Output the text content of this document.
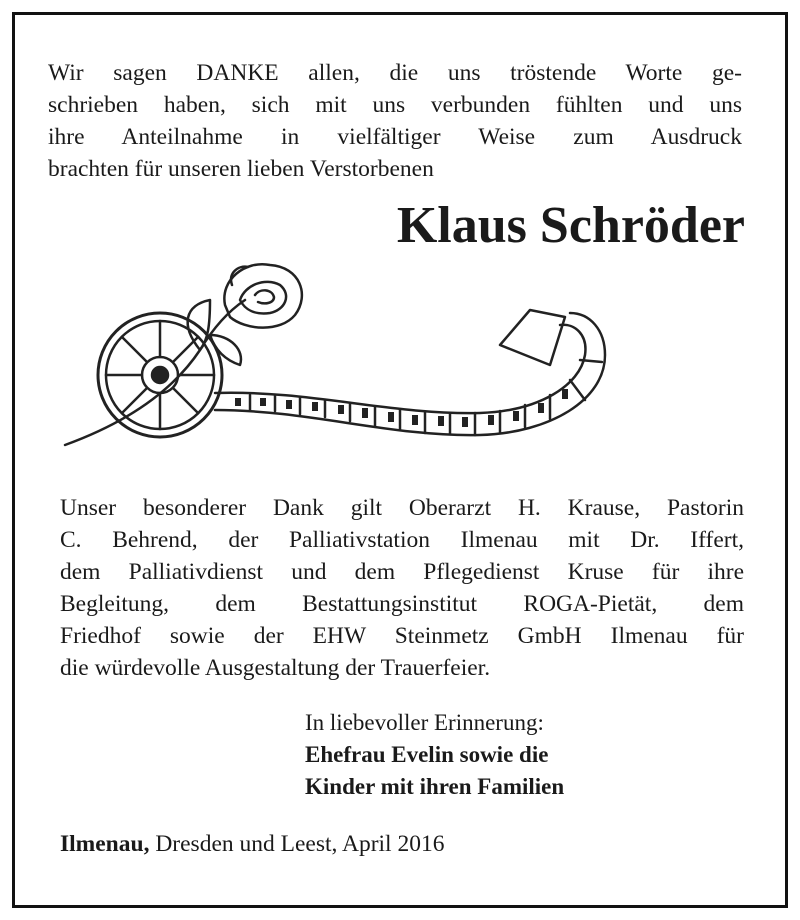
Wir sagen DANKE allen, die uns tröstende Worte ge-
schrieben haben, sich mit uns verbunden fühlten und uns
ihre Anteilnahme in vielfältiger Weise zum Ausdruck
brachten für unseren lieben Verstorbenen
Klaus Schröder
Unser besonderer Dank gilt Oberarzt H. Krause, Pastorin
C. Behrend, der Palliativstation Ilmenau mit Dr. Iffert,
dem Palliativdienst und dem Pflegedienst Kruse für ihre
Begleitung, dem Bestattungsinstitut ROGA-Pietät, dem
Friedhof sowie der EHW Steinmetz GmbH Ilmenau für
die würdevolle Ausgestaltung der Trauerfeier.
In liebevoller Erinnerung:
Ehefrau Evelin sowie die
Kinder mit ihren Familien
Ilmenau, Dresden und Leest, April 2016
